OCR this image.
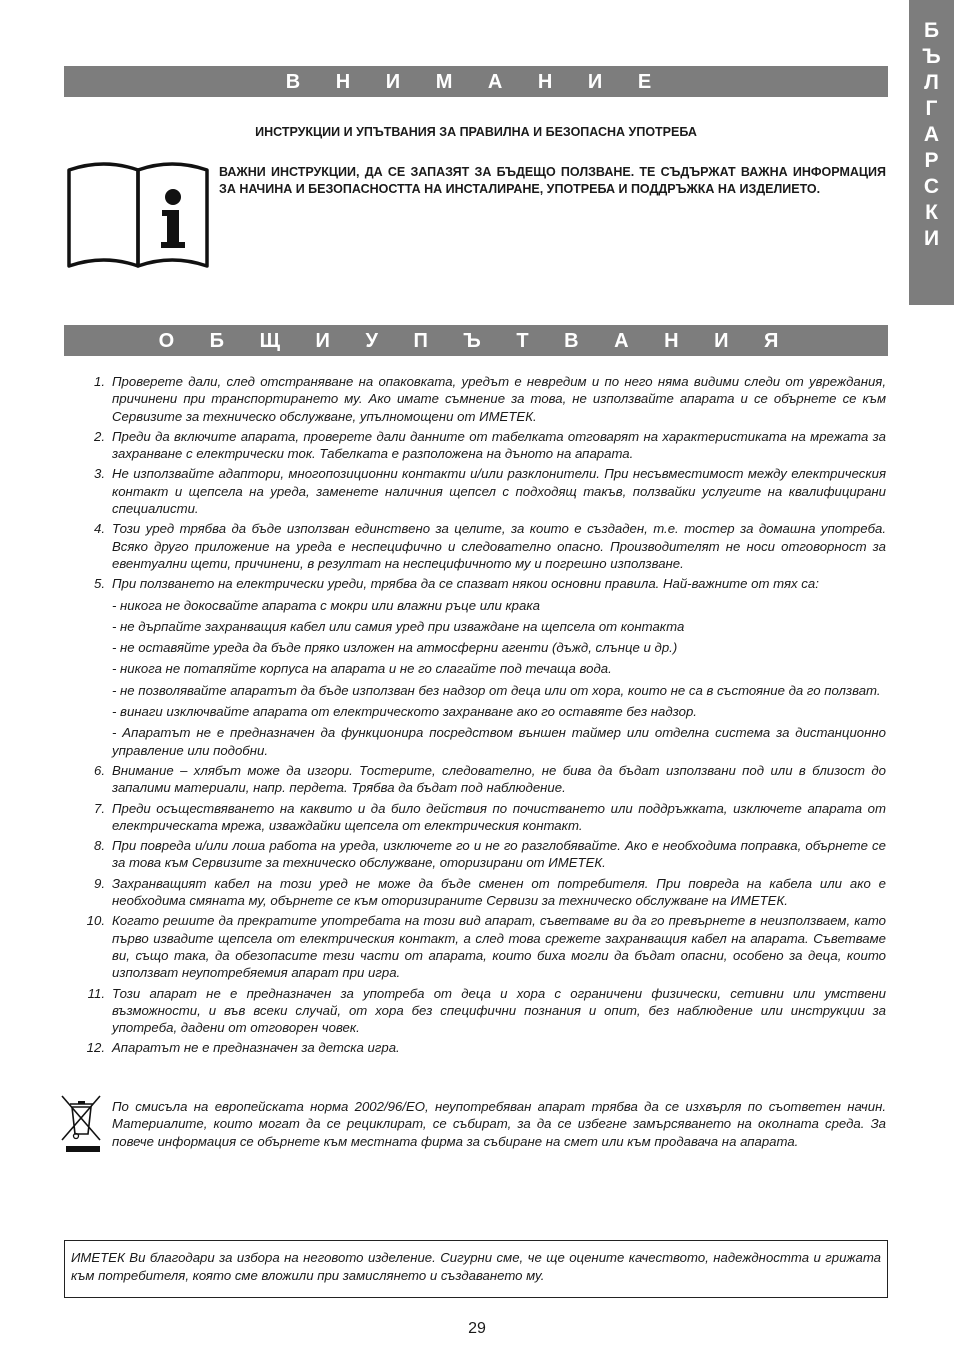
Б
Ъ
Л
Г
А
Р
С
К
И
В Н И М А Н И Е
ИНСТРУКЦИИ И УПЪТВАНИЯ ЗА ПРАВИЛНА И БЕЗОПАСНА УПОТРЕБА
ВАЖНИ ИНСТРУКЦИИ, ДА СЕ ЗАПАЗЯТ ЗА БЪДЕЩО ПОЛЗВАНЕ. ТЕ СЪДЪРЖАТ ВАЖНА ИНФОРМАЦИЯ ЗА НАЧИНА И БЕЗОПАСНОСТТА НА ИНСТАЛИРАНЕ, УПОТРЕБА И ПОДДРЪЖКА НА ИЗДЕЛИЕТО.
О Б Щ И У П Ъ Т В А Н И Я
1. Проверете дали, след отстраняване на опаковката, уредът е невредим и по него няма видими следи от увреждания, причинени при транспортирането му. Ако имате съмнение за това, не използвайте апарата и се обърнете се към Сервизите за техническо обслужване, упълномощени от ИМЕТЕК.
2. Преди да включите апарата, проверете дали данните от табелката отговарят на характеристиката на мрежата за захранване с електрически ток. Табелката е разположена на дъното на апарата.
3. Не използвайте адаптори, многопозиционни контакти и/или разклонители. При несъвместимост между електрическия контакт и щепсела на уреда, заменете наличния щепсел с подходящ такъв, ползвайки услугите на квалифицирани специалисти.
4. Този уред трябва да бъде използван единствено за целите, за които е създаден, т.е. тостер за домашна употреба. Всяко друго приложение на уреда е неспецифично и следователно опасно. Производителят не носи отговорност за евентуални щети, причинени, в резултат на неспецифичното му и погрешно използване.
5. При ползването на електрически уреди, трябва да се спазват някои основни правила. Най-важните от тях са:
- никога не докосвайте апарата с мокри или влажни ръце или крака
- не дърпайте захранващия кабел или самия уред при изваждане на щепсела от контакта
- не оставяйте уреда да бъде пряко изложен на атмосферни агенти (дъжд, слънце и др.)
- никога не потапяйте корпуса на апарата и не го слагайте под течаща вода.
- не позволявайте апаратът да бъде използван без надзор от деца или от хора, които не са в състояние да го ползват.
- винаги изключвайте апарата от електрическото захранване ако го оставяте без надзор.
- Апаратът не е предназначен да функционира посредством външен таймер или отделна система за дистанционно управление или подобни.
6. Внимание – хлябът може да изгори. Тостерите, следователно, не бива да бъдат използвани под или в близост до запалими материали, напр. пердета. Трябва да бъдат под наблюдение.
7. Преди осъществяването на каквито и да било действия по почистването или поддръжката, изключете апарата от електрическата мрежа, изваждайки щепсела от електрическия контакт.
8. При повреда и/или лоша работа на уреда, изключете го и не го разглобявайте. Ако е необходима поправка, обърнете се за това към Сервизите за техническо обслужване, оторизирани от ИМЕТЕК.
9. Захранващият кабел на този уред не може да бъде сменен от потребителя. При повреда на кабела или ако е необходима смяната му, обърнете се към оторизираните Сервизи за техническо обслужване на ИМЕТЕК.
10. Когато решите да прекратите употребата на този вид апарат, съветваме ви да го превърнете в неизползваем, като първо извадите щепсела от електрическия контакт, а след това срежете захранващия кабел на апарата. Съветваме ви, също така, да обезопасите тези части от апарата, които биха могли да бъдат опасни, особено за деца, които използват неупотребяемия апарат при игра.
11. Този апарат не е предназначен за употреба от деца и хора с ограничени физически, сетивни или умствени възможности, и във всеки случай, от хора без специфични познания и опит, без наблюдение или инструкции за употреба, дадени от отговорен човек.
12. Апаратът не е предназначен за детска игра.
По смисъла на европейската норма 2002/96/ЕО, неупотребяван апарат трябва да се изхвърля по съответен начин. Материалите, които могат да се рециклират, се събират, за да се избегне замърсяването на околната среда. За повече информация се обърнете към местната фирма за събиране на смет или към продавача на апарата.
ИМЕТЕК Ви благодари за избора на неговото изделение. Сигурни сме, че ще оцените качеството, надеждността и грижата към потребителя, която сме вложили при замислянето и създаването му.
29
